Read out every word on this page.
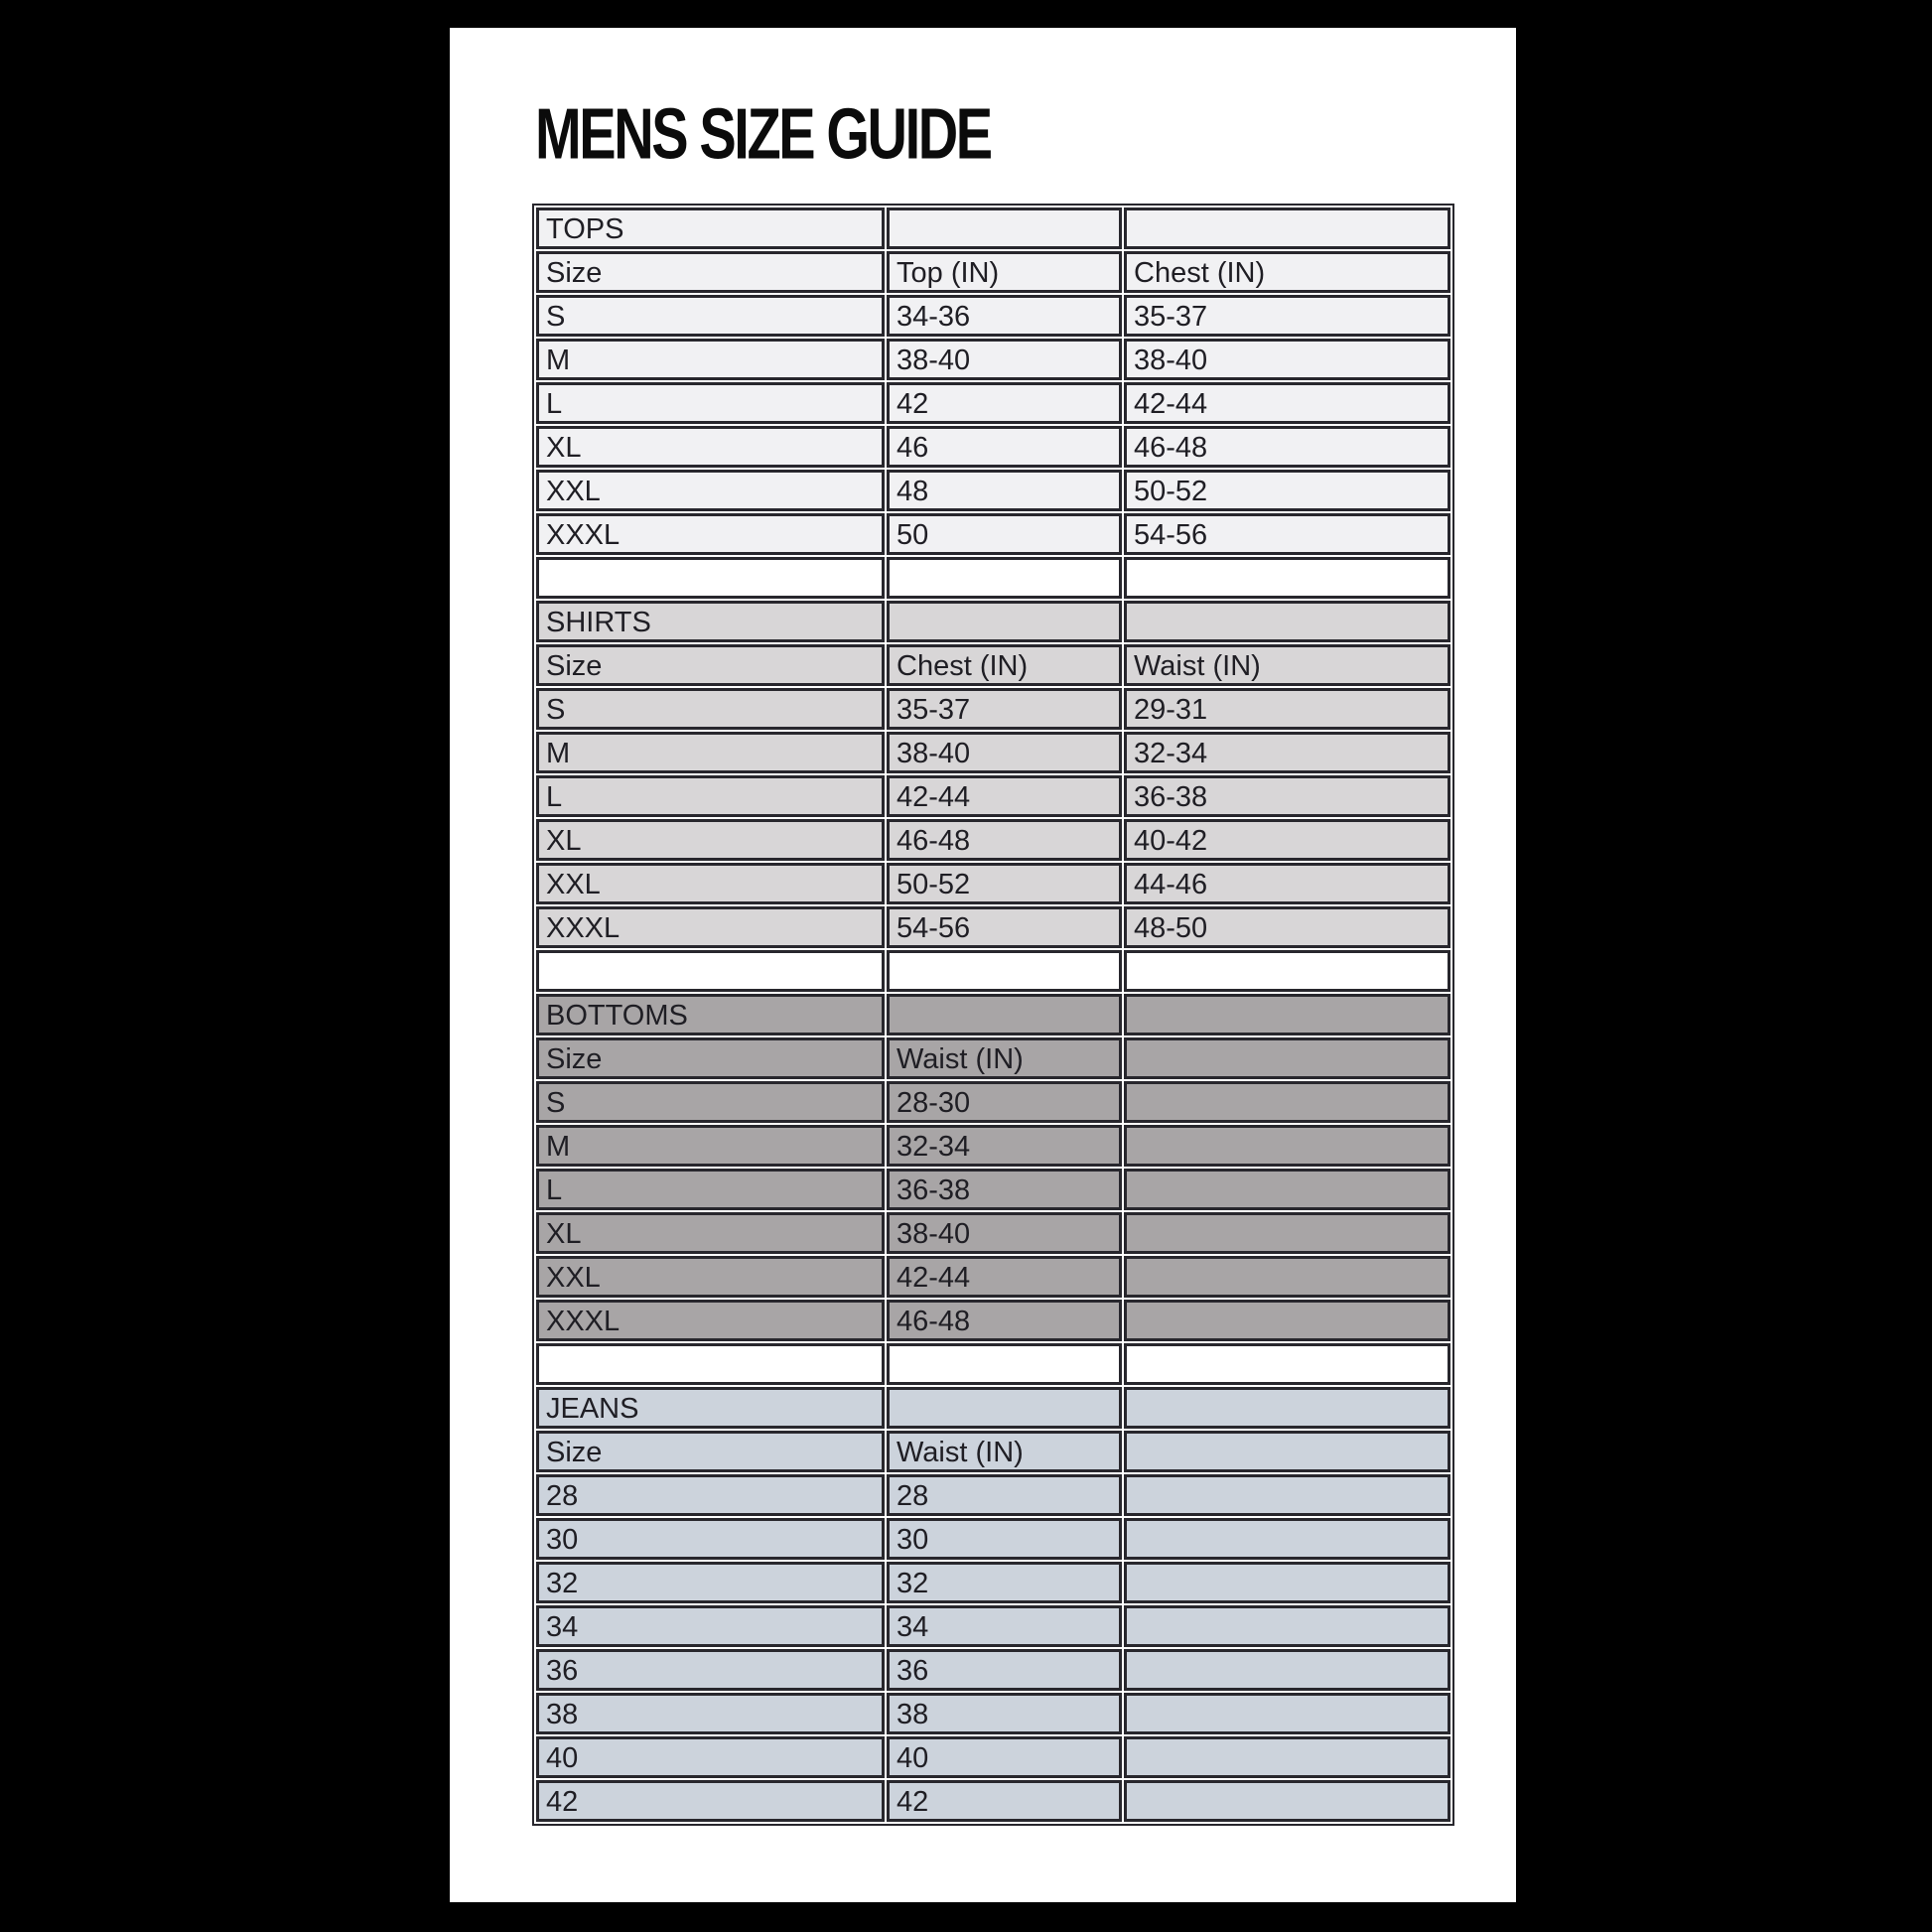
MENS SIZE GUIDE
TOPS		
Size	Top (IN)	Chest (IN)
S	34-36	35-37
M	38-40	38-40
L	42	42-44
XL	46	46-48
XXL	48	50-52
XXXL	50	54-56

SHIRTS		
Size	Chest (IN)	Waist (IN)
S	35-37	29-31
M	38-40	32-34
L	42-44	36-38
XL	46-48	40-42
XXL	50-52	44-46
XXXL	54-56	48-50

BOTTOMS		
Size	Waist (IN)	
S	28-30	
M	32-34	
L	36-38	
XL	38-40	
XXL	42-44	
XXXL	46-48	

JEANS		
Size	Waist (IN)	
28	28	
30	30	
32	32	
34	34	
36	36	
38	38	
40	40	
42	42	
